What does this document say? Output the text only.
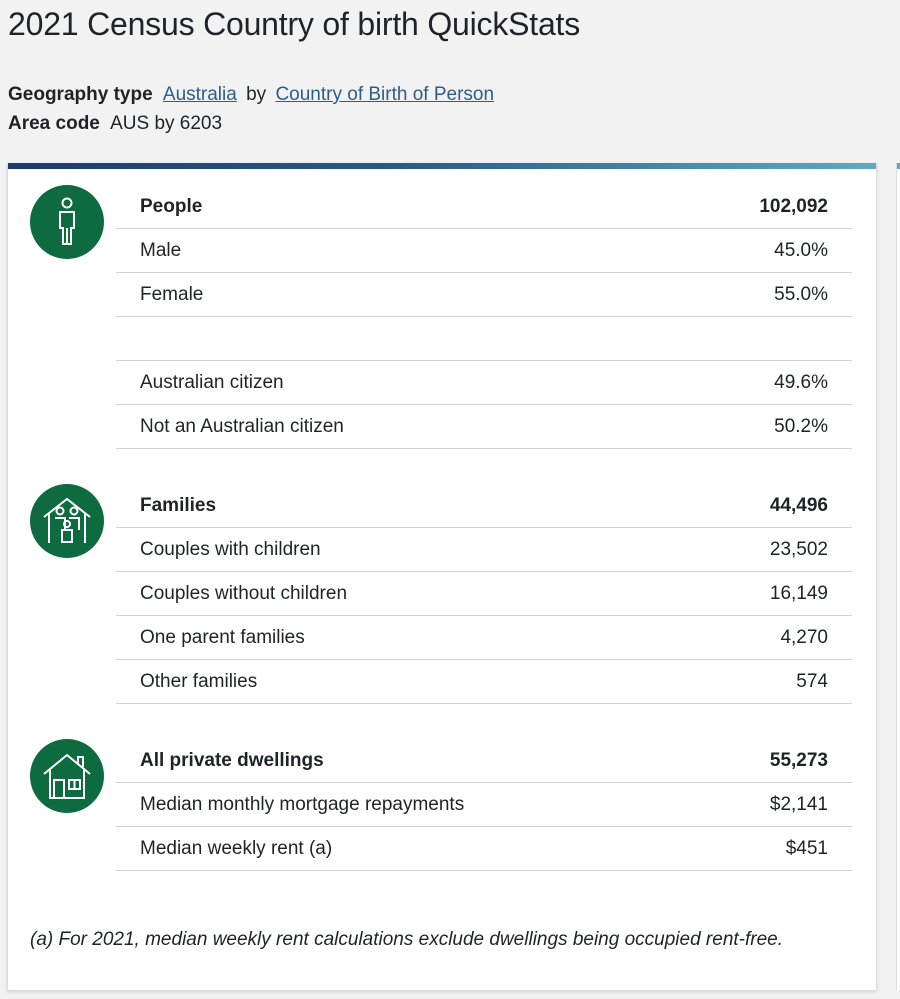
2021 Census Country of birth QuickStats
Geography type Australia by Country of Birth of Person
Area code AUS by 6203
People	102,092
Male	45.0%
Female	55.0%
Australian citizen	49.6%
Not an Australian citizen	50.2%
Families	44,496
Couples with children	23,502
Couples without children	16,149
One parent families	4,270
Other families	574
All private dwellings	55,273
Median monthly mortgage repayments	$2,141
Median weekly rent (a)	$451

(a) For 2021, median weekly rent calculations exclude dwellings being occupied rent-free.
